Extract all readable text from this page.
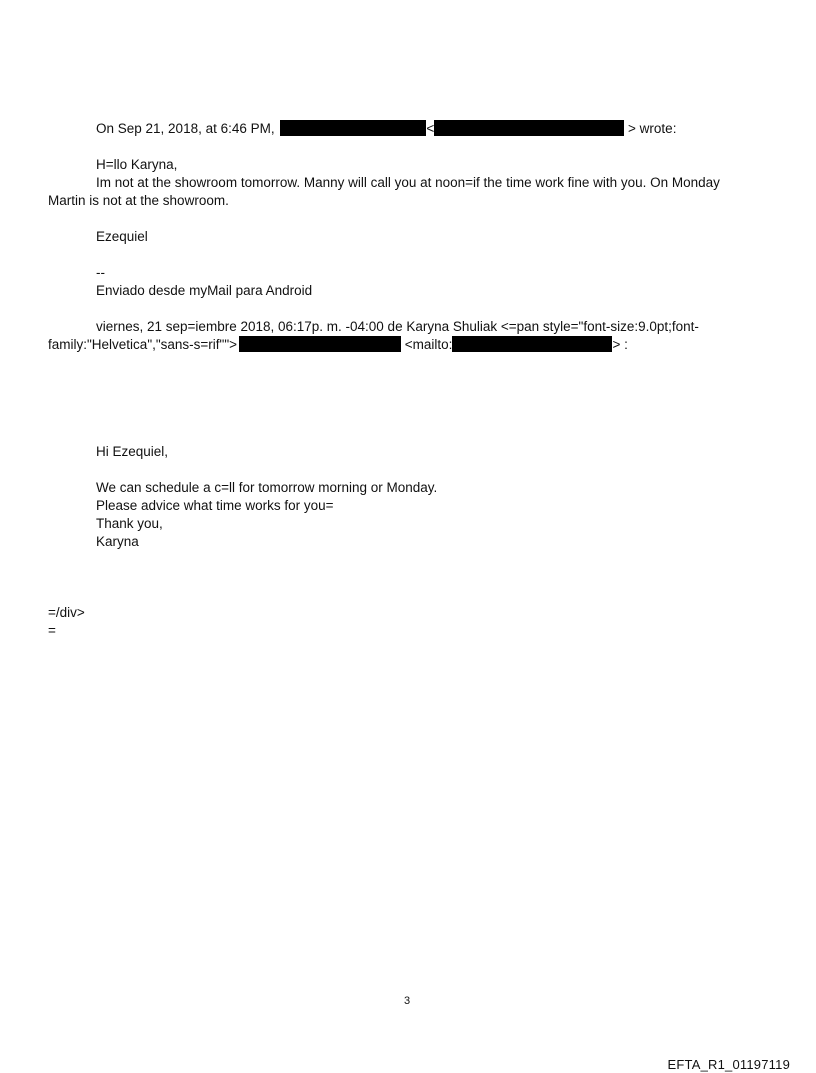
On Sep 21, 2018, at 6:46 PM,	<	> wrote:
H=llo Karyna,
Im not at the showroom tomorrow. Manny will call you at noon=if the time work fine with you. On Monday
Martin is not at the showroom.
Ezequiel
--
Enviado desde myMail para Android
viernes, 21 sep=iembre 2018, 06:17p. m. -04:00 de Karyna Shuliak <=pan style="font-size:9.0pt;font-
family:"Helvetica","sans-s=rif"">	<mailto:	> :
Hi Ezequiel,
We can schedule a c=ll for tomorrow morning or Monday.
Please advice what time works for you=
Thank you,
Karyna
=/div>
=
3
EFTA_R1_01197119
